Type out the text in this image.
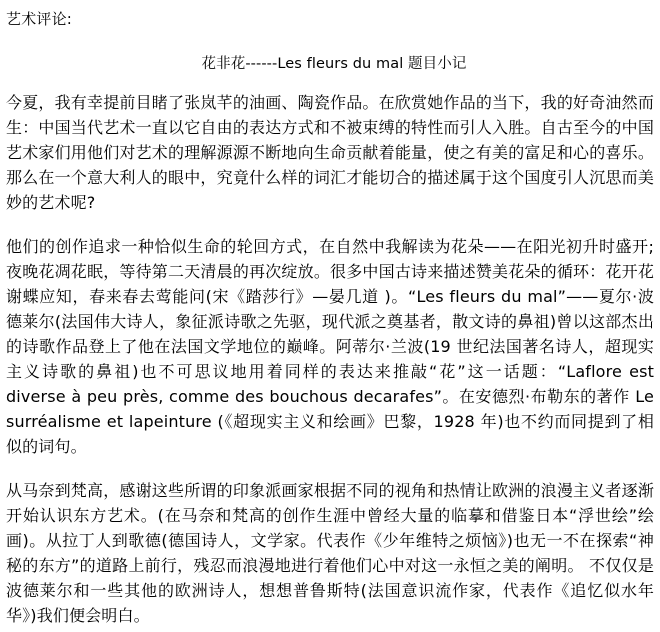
艺术评论:

花非花------Les fleurs du mal 题目小记

今夏，我有幸提前目睹了张岚芊的油画、陶瓷作品。在欣赏她作品的当下，我的好奇油然而生：中国当代艺术一直以它自由的表达方式和不被束缚的特性而引人入胜。自古至今的中国艺术家们用他们对艺术的理解源源不断地向生命贡献着能量，使之有美的富足和心的喜乐。那么在一个意大利人的眼中，究竟什么样的词汇才能切合的描述属于这个国度引人沉思而美妙的艺术呢?

他们的创作追求一种恰似生命的轮回方式，在自然中我解读为花朵——在阳光初升时盛开;夜晚花凋花眠，等待第二天清晨的再次绽放。很多中国古诗来描述赞美花朵的循环：花开花谢蝶应知，春来春去莺能问(宋《踏莎行》—晏几道 )。“Les fleurs du mal”——夏尔·波德莱尔(法国伟大诗人，象征派诗歌之先驱，现代派之奠基者，散文诗的鼻祖)曾以这部杰出的诗歌作品登上了他在法国文学地位的巅峰。阿蒂尔·兰波(19 世纪法国著名诗人，超现实主义诗歌的鼻祖)也不可思议地用着同样的表达来推敲“花”这一话题：“Laflore est diverse à peu près, comme des bouchous decarafes”。在安德烈·布勒东的著作 Le surréalisme et lapeinture (《超现实主义和绘画》巴黎，1928 年)也不约而同提到了相似的词句。

从马奈到梵高，感谢这些所谓的印象派画家根据不同的视角和热情让欧洲的浪漫主义者逐渐开始认识东方艺术。(在马奈和梵高的创作生涯中曾经大量的临摹和借鉴日本“浮世绘”绘画)。从拉丁人到歌德(德国诗人，文学家。代表作《少年维特之烦恼》)也无一不在探索“神秘的东方”的道路上前行，残忍而浪漫地进行着他们心中对这一永恒之美的阐明。 不仅仅是波德莱尔和一些其他的欧洲诗人，想想普鲁斯特(法国意识流作家，代表作《追忆似水年华》)我们便会明白。
